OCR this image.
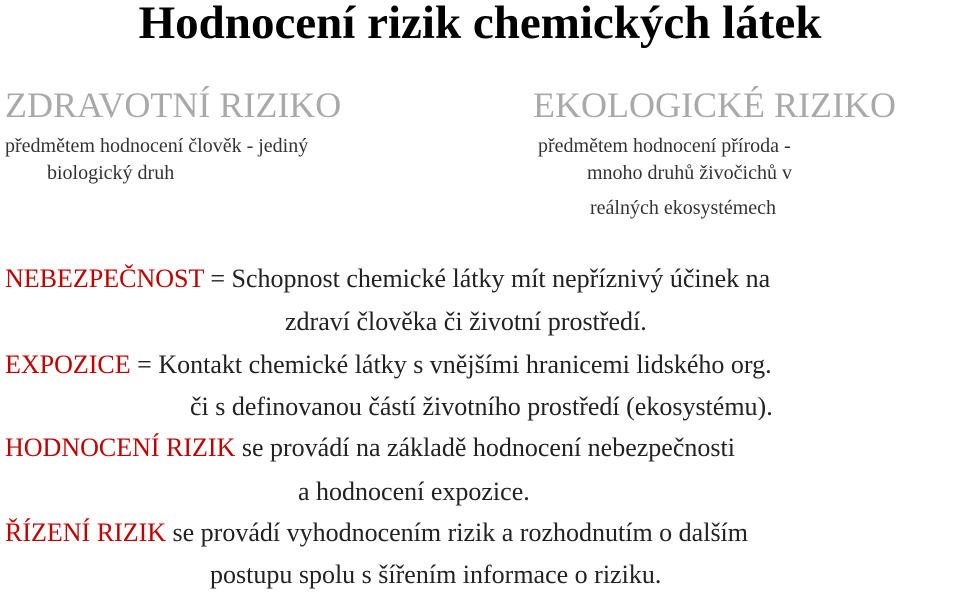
Hodnocení rizik chemických látek
ZDRAVOTNÍ RIZIKO
předmětem hodnocení člověk - jediný
biologický druh
EKOLOGICKÉ RIZIKO
předmětem hodnocení příroda -
mnoho druhů živočichů v
reálných ekosystémech
NEBEZPEČNOST = Schopnost chemické látky mít nepříznivý účinek na
zdraví člověka či životní prostředí.
EXPOZICE = Kontakt chemické látky s vnějšími hranicemi lidského org.
či s definovanou částí životního prostředí (ekosystému).
HODNOCENÍ RIZIK se provádí na základě hodnocení nebezpečnosti
a hodnocení expozice.
ŘÍZENÍ RIZIK se provádí vyhodnocením rizik a rozhodnutím o dalším
postupu spolu s šířením informace o riziku.
